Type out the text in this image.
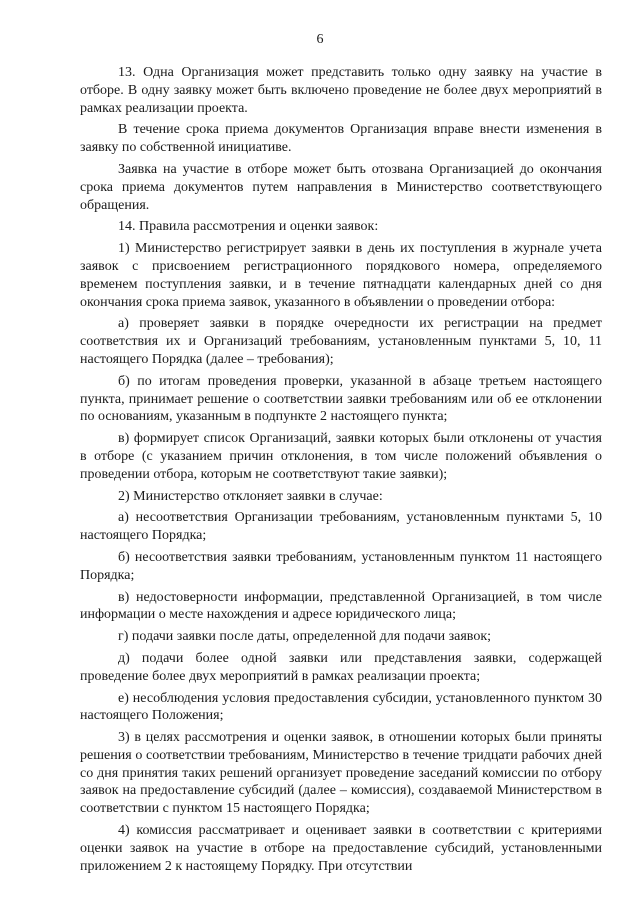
6

13. Одна Организация может представить только одну заявку на участие в отборе. В одну заявку может быть включено проведение не более двух мероприятий в рамках реализации проекта.

В течение срока приема документов Организация вправе внести изменения в заявку по собственной инициативе.

Заявка на участие в отборе может быть отозвана Организацией до окончания срока приема документов путем направления в Министерство соответствующего обращения.

14. Правила рассмотрения и оценки заявок:

1) Министерство регистрирует заявки в день их поступления в журнале учета заявок с присвоением регистрационного порядкового номера, определяемого временем поступления заявки, и в течение пятнадцати календарных дней со дня окончания срока приема заявок, указанного в объявлении о проведении отбора:

а) проверяет заявки в порядке очередности их регистрации на предмет соответствия их и Организаций требованиям, установленным пунктами 5, 10, 11 настоящего Порядка (далее – требования);

б) по итогам проведения проверки, указанной в абзаце третьем настоящего пункта, принимает решение о соответствии заявки требованиям или об ее отклонении по основаниям, указанным в подпункте 2 настоящего пункта;

в) формирует список Организаций, заявки которых были отклонены от участия в отборе (с указанием причин отклонения, в том числе положений объявления о проведении отбора, которым не соответствуют такие заявки);

2) Министерство отклоняет заявки в случае:

а) несоответствия Организации требованиям, установленным пунктами 5, 10 настоящего Порядка;

б) несоответствия заявки требованиям, установленным пунктом 11 настоящего Порядка;

в) недостоверности информации, представленной Организацией, в том числе информации о месте нахождения и адресе юридического лица;

г) подачи заявки после даты, определенной для подачи заявок;

д) подачи более одной заявки или представления заявки, содержащей проведение более двух мероприятий в рамках реализации проекта;

е) несоблюдения условия предоставления субсидии, установленного пунктом 30 настоящего Положения;

3) в целях рассмотрения и оценки заявок, в отношении которых были приняты решения о соответствии требованиям, Министерство в течение тридцати рабочих дней со дня принятия таких решений организует проведение заседаний комиссии по отбору заявок на предоставление субсидий (далее – комиссия), создаваемой Министерством в соответствии с пунктом 15 настоящего Порядка;

4) комиссия рассматривает и оценивает заявки в соответствии с критериями оценки заявок на участие в отборе на предоставление субсидий, установленными приложением 2 к настоящему Порядку. При отсутствии
